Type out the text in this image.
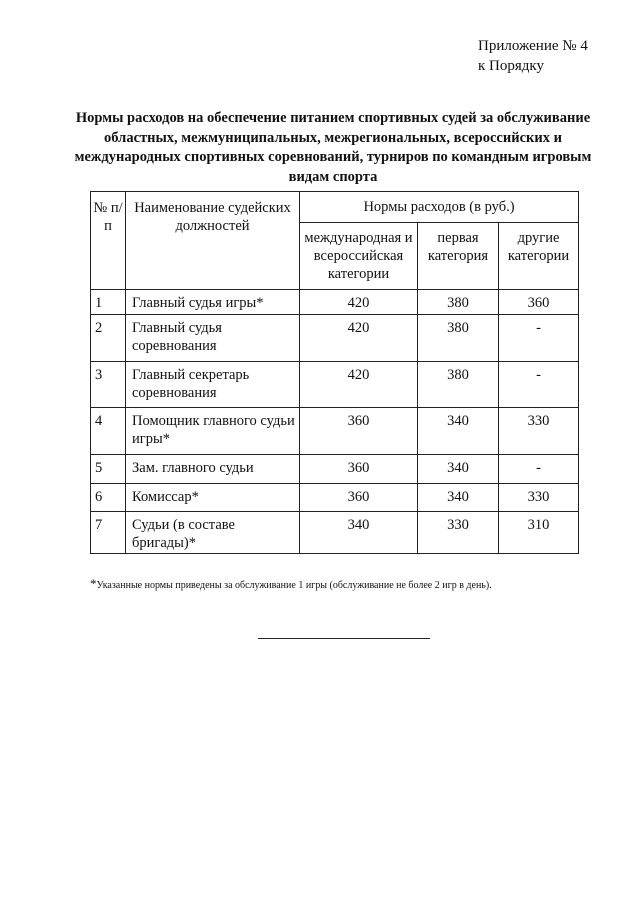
Приложение № 4
к Порядку
Нормы расходов на обеспечение питанием спортивных судей за обслуживание областных, межмуниципальных, межрегиональных, всероссийских и международных спортивных соревнований, турниров по командным игровым видам спорта
№ п/п	Наименование судейских должностей	Нормы расходов (в руб.)		
		международная и всероссийская категории	первая категория	другие категории
1	Главный судья игры*	420	380	360
2	Главный судья соревнования	420	380	-
3	Главный секретарь соревнования	420	380	-
4	Помощник главного судьи игры*	360	340	330
5	Зам. главного судьи	360	340	-
6	Комиссар*	360	340	330
7	Судьи (в составе бригады)*	340	330	310
*Указанные нормы приведены за обслуживание 1 игры (обслуживание не более 2 игр в день).
